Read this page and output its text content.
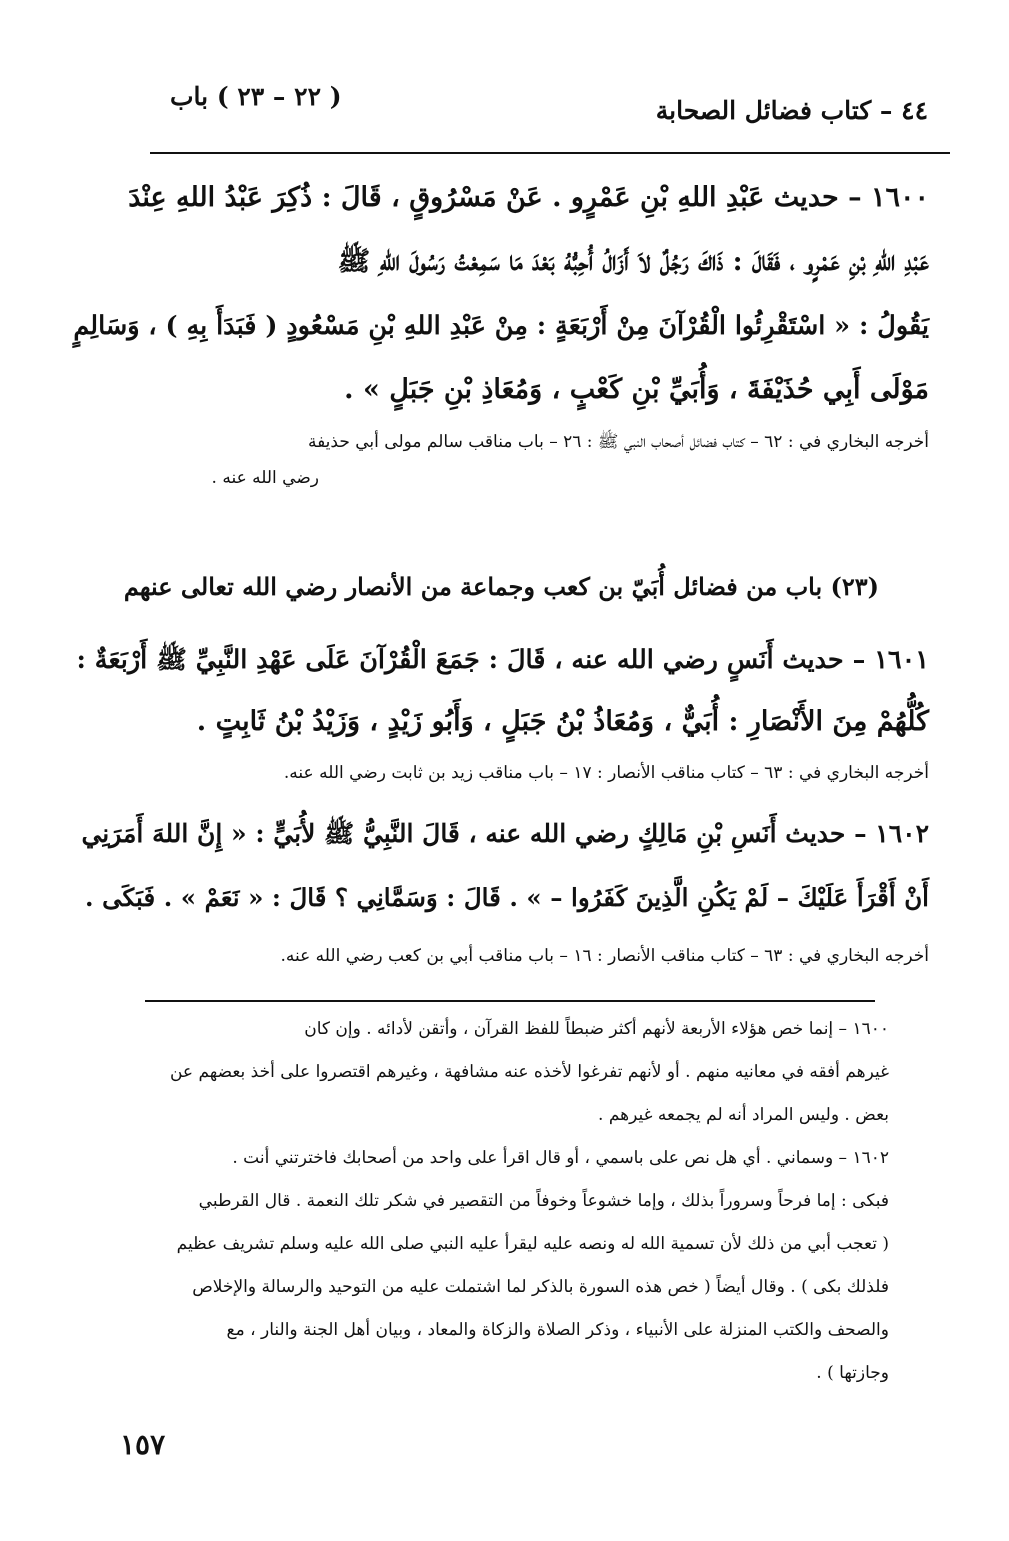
٤٤ – كتاب فضائل الصحابة
( ٢٢ – ٢٣ ) باب
١٦٠٠ – حديث عَبْدِ اللهِ بْنِ عَمْرٍو . عَنْ مَسْرُوقٍ ، قَالَ : ذُكِرَ عَبْدُ اللهِ عِنْدَ
عَبْدِ اللهِ بْنِ عَمْرٍو ، فَقَالَ : ذَاكَ رَجُلٌ لاَ أَزَالُ أُحِبُّهُ بَعْدَ مَا سَمِعْتُ رَسُولَ اللهِ ﷺ
يَقُولُ : « اسْتَقْرِئُوا الْقُرْآنَ مِنْ أَرْبَعَةٍ : مِنْ عَبْدِ اللهِ بْنِ مَسْعُودٍ ( فَبَدَأَ بِهِ ) ، وَسَالِمٍ
مَوْلَى أَبِي حُذَيْفَةَ ، وَأُبَيِّ بْنِ كَعْبٍ ، وَمُعَاذِ بْنِ جَبَلٍ » .
أخرجه البخاري في : ٦٢ – كتاب فضائل أصحاب النبي ﷺ : ٢٦ – باب مناقب سالم مولى أبي حذيفة
رضي الله عنه .
(٢٣) باب من فضائل أُبَيّ بن كعب وجماعة من الأنصار رضي الله تعالى عنهم
١٦٠١ – حديث أَنَسٍ رضي الله عنه ، قَالَ : جَمَعَ الْقُرْآنَ عَلَى عَهْدِ النَّبِيِّ ﷺ أَرْبَعَةٌ :
كُلُّهُمْ مِنَ الأَنْصَارِ : أُبَيٌّ ، وَمُعَاذُ بْنُ جَبَلٍ ، وَأَبُو زَيْدٍ ، وَزَيْدُ بْنُ ثَابِتٍ .
أخرجه البخاري في : ٦٣ – كتاب مناقب الأنصار : ١٧ – باب مناقب زيد بن ثابت رضي الله عنه.
١٦٠٢ – حديث أَنَسِ بْنِ مَالِكٍ رضي الله عنه ، قَالَ النَّبِيُّ ﷺ لأُبَيٍّ : « إِنَّ اللهَ أَمَرَنِي
أَنْ أَقْرَأَ عَلَيْكَ – لَمْ يَكُنِ الَّذِينَ كَفَرُوا – » . قَالَ : وَسَمَّانِي ؟ قَالَ : « نَعَمْ » . فَبَكَى .
أخرجه البخاري في : ٦٣ – كتاب مناقب الأنصار : ١٦ – باب مناقب أبي بن كعب رضي الله عنه.
١٦٠٠ – إنما خص هؤلاء الأربعة لأنهم أكثر ضبطاً للفظ القرآن ، وأتقن لأدائه . وإن كان
غيرهم أفقه في معانيه منهم . أو لأنهم تفرغوا لأخذه عنه مشافهة ، وغيرهم اقتصروا على أخذ بعضهم عن
بعض . وليس المراد أنه لم يجمعه غيرهم .
١٦٠٢ – وسماني . أي هل نص على باسمي ، أو قال اقرأ على واحد من أصحابك فاخترتني أنت .
فبكى : إما فرحاً وسروراً بذلك ، وإما خشوعاً وخوفاً من التقصير في شكر تلك النعمة . قال القرطبي
( تعجب أبي من ذلك لأن تسمية الله له ونصه عليه ليقرأ عليه النبي صلى الله عليه وسلم تشريف عظيم
فلذلك بكى ) . وقال أيضاً ( خص هذه السورة بالذكر لما اشتملت عليه من التوحيد والرسالة والإخلاص
والصحف والكتب المنزلة على الأنبياء ، وذكر الصلاة والزكاة والمعاد ، وبيان أهل الجنة والنار ، مع
وجازتها ) .
١٥٧
